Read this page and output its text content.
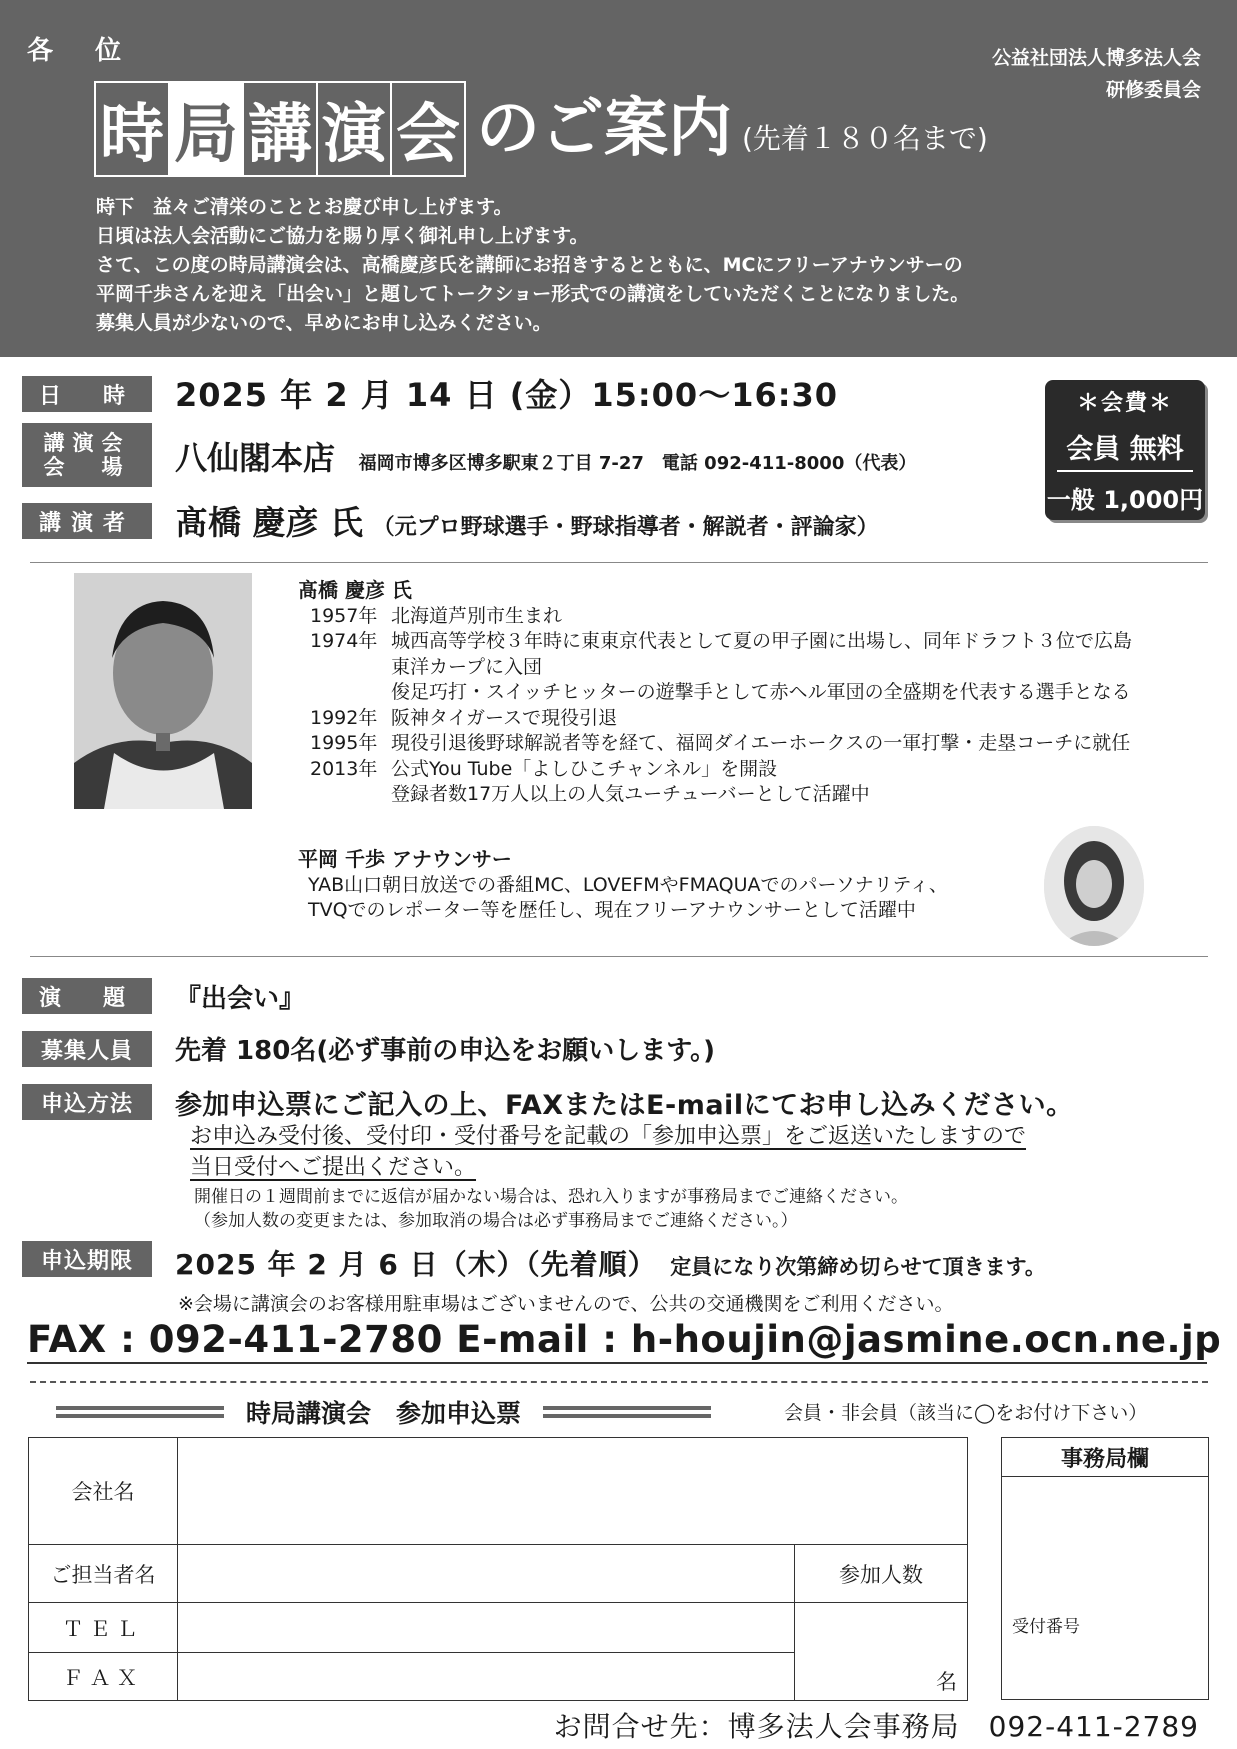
各　位	公益社団法人博多法人会
研修委員会
時 局 講 演 会 のご案内 (先着１８０名まで)
時下　益々ご清栄のこととお慶び申し上げます。
日頃は法人会活動にご協力を賜り厚く御礼申し上げます。
さて、この度の時局講演会は、高橋慶彦氏を講師にお招きするとともに、MCにフリーアナウンサーの
平岡千歩さんを迎え「出会い」と題してトークショー形式での講演をしていただくことになりました。
募集人員が少ないので、早めにお申し込みください。
日　時	2025 年 2 月 14 日 (金）15:00〜16:30
講演会
会　場 八仙閣本店 福岡市博多区博多駅東２丁目 7-27　電話 092-411-8000（代表）
講演者	髙橋 慶彦 氏 （元プロ野球選手・野球指導者・解説者・評論家）
＊会費＊
会員 無料
一般 1,000円
髙橋 慶彦 氏
1957年 北海道芦別市生まれ
1974年 城西高等学校３年時に東東京代表として夏の甲子園に出場し、同年ドラフト３位で広島
東洋カープに入団
俊足巧打・スイッチヒッターの遊撃手として赤ヘル軍団の全盛期を代表する選手となる
1992年 阪神タイガースで現役引退
1995年 現役引退後野球解説者等を経て、福岡ダイエーホークスの一軍打撃・走塁コーチに就任
2013年 公式You Tube「よしひこチャンネル」を開設
登録者数17万人以上の人気ユーチューバーとして活躍中
平岡 千歩 アナウンサー
YAB山口朝日放送での番組MC、LOVEFMやFMAQUAでのパーソナリティ、
TVQでのレポーター等を歴任し、現在フリーアナウンサーとして活躍中
演　題	『出会い』
募集人員	先着 180名(必ず事前の申込をお願いします。)
申込方法	参加申込票にご記入の上、FAXまたはE-mailにてお申し込みください。
お申込み受付後、受付印・受付番号を記載の「参加申込票」をご返送いたしますので
当日受付へご提出ください。
開催日の１週間前までに返信が届かない場合は、恐れ入りますが事務局までご連絡ください。
（参加人数の変更または、参加取消の場合は必ず事務局までご連絡ください。）
申込期限	2025 年 2 月 6 日（木）（先着順） 定員になり次第締め切らせて頂きます。
※会場に講演会のお客様用駐車場はございませんので、公共の交通機関をご利用ください。
FAX : 092-411-2780 E-mail : h-houjin@jasmine.ocn.ne.jp
時局講演会　参加申込票	会員・非会員（該当に◯をお付け下さい）
会社名		
ご担当者名		参加人数
ＴＥＬ		名
ＦＡＸ		
事務局欄
受付番号
お問合せ先：博多法人会事務局　092-411-2789
